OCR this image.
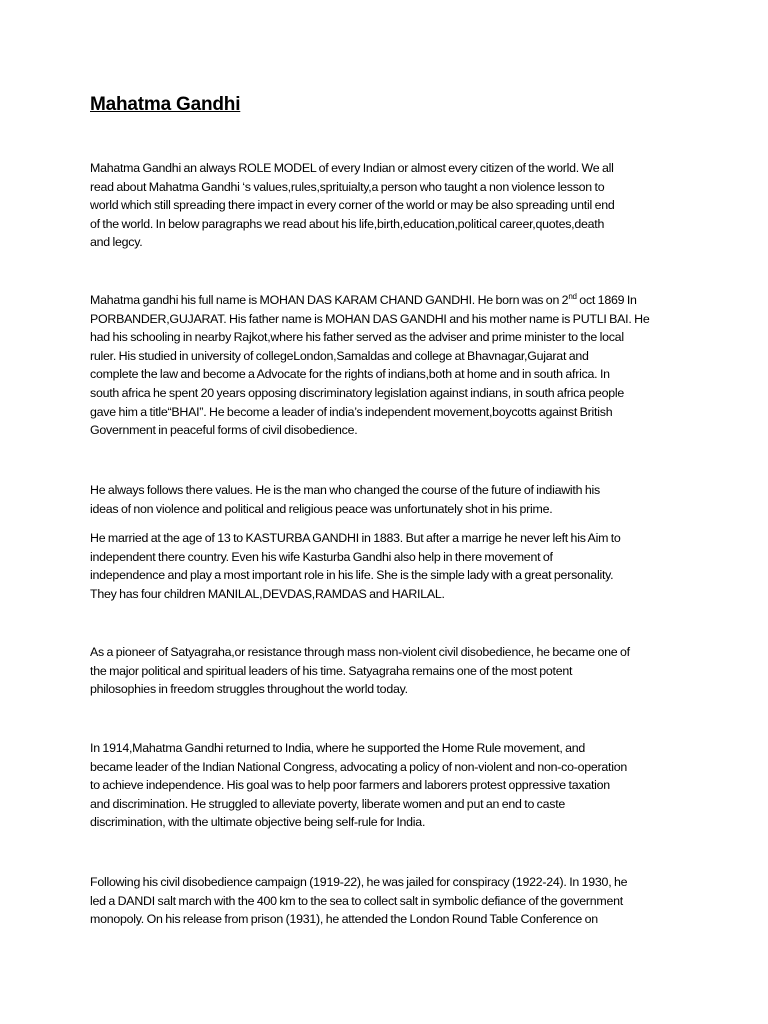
Mahatma Gandhi

Mahatma Gandhi an always ROLE MODEL of every Indian or almost every citizen of the world. We all
read about Mahatma Gandhi ‘s values,rules,sprituialty,a person who taught a non violence lesson to
world which still spreading there impact in every corner of the world or may be also spreading until end
of the world. In below paragraphs we read about his life,birth,education,political career,quotes,death
and legcy.

Mahatma gandhi his full name is MOHAN DAS KARAM CHAND GANDHI. He born was on 2nd oct 1869 In
PORBANDER,GUJARAT. His father name is MOHAN DAS GANDHI and his mother name is PUTLI BAI. He
had his schooling in nearby Rajkot,where his father served as the adviser and prime minister to the local
ruler. His studied in university of collegeLondon,Samaldas and college at Bhavnagar,Gujarat and
complete the law and become a Advocate for the rights of indians,both at home and in south africa. In
south africa he spent 20 years opposing discriminatory legislation against indians, in south africa people
gave him a title“BHAI”. He become a leader of india’s independent movement,boycotts against British
Government in peaceful forms of civil disobedience.

He always follows there values. He is the man who changed the course of the future of indiawith his
ideas of non violence and political and religious peace was unfortunately shot in his prime.

He married at the age of 13 to KASTURBA GANDHI in 1883. But after a marrige he never left his Aim to
independent there country. Even his wife Kasturba Gandhi also help in there movement of
independence and play a most important role in his life. She is the simple lady with a great personality.
They has four children MANILAL,DEVDAS,RAMDAS and HARILAL.

As a pioneer of Satyagraha,or resistance through mass non-violent civil disobedience, he became one of
the major political and spiritual leaders of his time. Satyagraha remains one of the most potent
philosophies in freedom struggles throughout the world today.

In 1914,Mahatma Gandhi returned to India, where he supported the Home Rule movement, and
became leader of the Indian National Congress, advocating a policy of non-violent and non-co-operation
to achieve independence. His goal was to help poor farmers and laborers protest oppressive taxation
and discrimination. He struggled to alleviate poverty, liberate women and put an end to caste
discrimination, with the ultimate objective being self-rule for India.

Following his civil disobedience campaign (1919-22), he was jailed for conspiracy (1922-24). In 1930, he
led a DANDI salt march with the 400 km to the sea to collect salt in symbolic defiance of the government
monopoly. On his release from prison (1931), he attended the London Round Table Conference on
